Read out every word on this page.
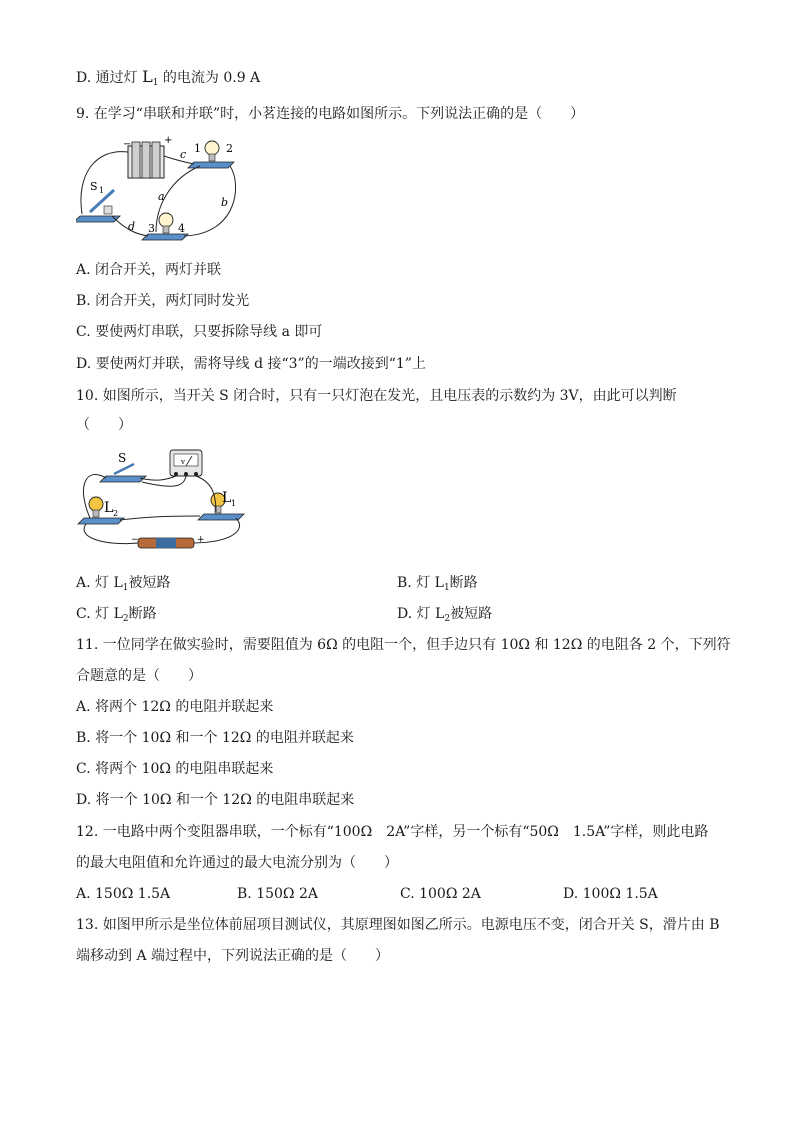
D. 通过灯 $L_1$ 的电流为 0.9 A
9. 在学习“串联和并联”时，小茗连接的电路如图所示。下列说法正确的是（　　）
−	+
1 2
c
S 1
3 4
a	b
d
A. 闭合开关，两灯并联
B. 闭合开关，两灯同时发光
C. 要使两灯串联，只要拆除导线 a 即可
D. 要使两灯并联，需将导线 d 接“3”的一端改接到“1”上
10. 如图所示，当开关 S 闭合时，只有一只灯泡在发光，且电压表的示数约为 3V，由此可以判断
（　　）
S	v
L 1
L 2
−	+
A. 灯 $L_1$被短路	B. 灯 $L_1$断路
C. 灯 $L_2$断路	D. 灯 $L_2$被短路
11. 一位同学在做实验时，需要阻值为 6Ω 的电阻一个，但手边只有 10Ω 和 12Ω 的电阻各 2 个，下列符
合题意的是（　　）
A. 将两个 12Ω 的电阻并联起来
B. 将一个 10Ω 和一个 12Ω 的电阻并联起来
C. 将两个 10Ω 的电阻串联起来
D. 将一个 10Ω 和一个 12Ω 的电阻串联起来
12. 一电路中两个变阻器串联，一个标有“100Ω　2A”字样，另一个标有“50Ω　1.5A”字样，则此电路
的最大电阻值和允许通过的最大电流分别为（　　）
A. 150Ω 1.5A	B. 150Ω 2A	C. 100Ω 2A	D. 100Ω 1.5A
13. 如图甲所示是坐位体前屈项目测试仪，其原理图如图乙所示。电源电压不变，闭合开关 S，滑片由 B
端移动到 A 端过程中，下列说法正确的是（　　）
